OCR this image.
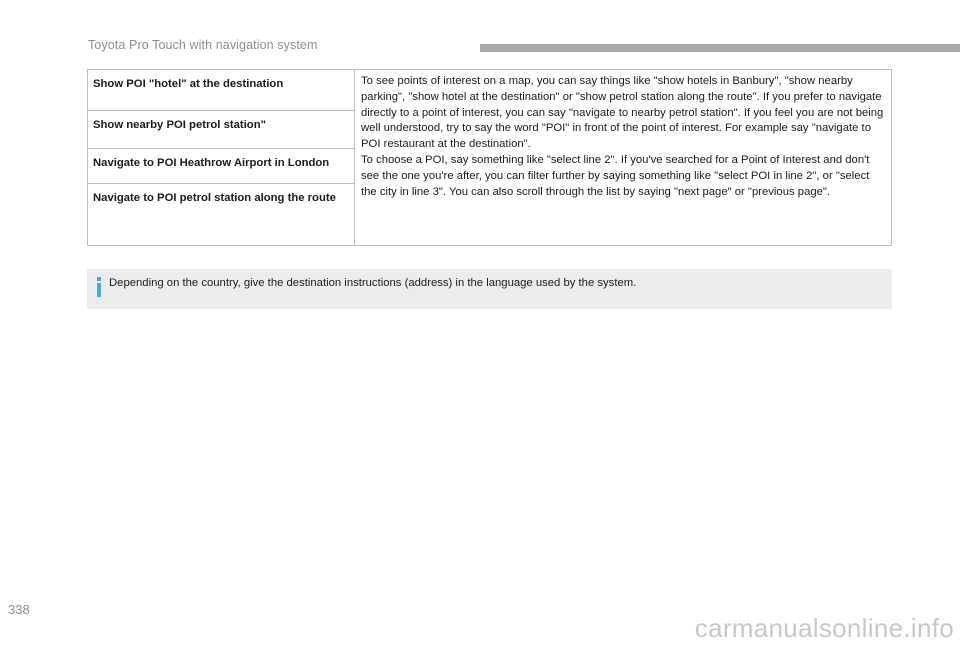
Toyota Pro Touch with navigation system
Show POI "hotel" at the destination	To see points of interest on a map, you can say things like "show hotels in Banbury", "show nearby parking", "show hotel at the destination" or "show petrol station along the route". If you prefer to navigate directly to a point of interest, you can say "navigate to nearby petrol station". If you feel you are not being well understood, try to say the word "POI" in front of the point of interest. For example say "navigate to POI restaurant at the destination".

To choose a POI, say something like "select line 2". If you've searched for a Point of Interest and don't see the one you're after, you can filter further by saying something like "select POI in line 2", or "select the city in line 3". You can also scroll through the list by saying "next page" or "previous page".

Show nearby POI petrol station"
Navigate to POI Heathrow Airport in London
Navigate to POI petrol station along the route
Depending on the country, give the destination instructions (address) in the language used by the system.
338
carmanualsonline.info
